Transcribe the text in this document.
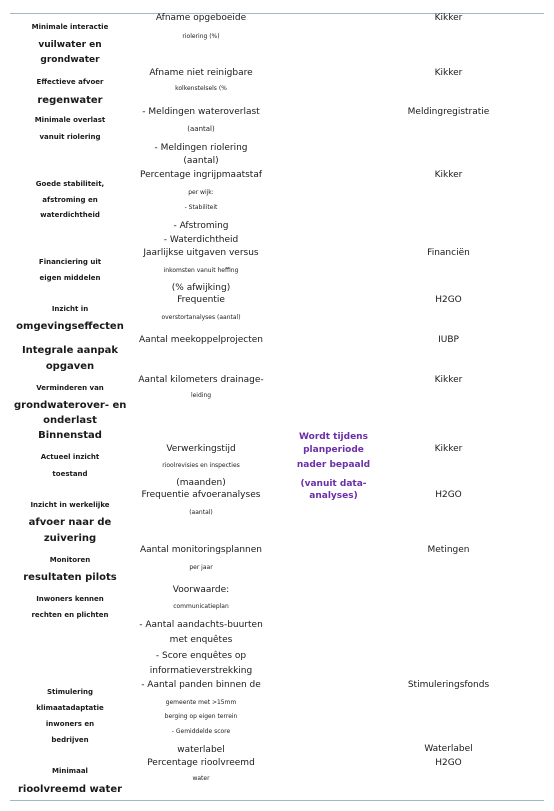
Minimale interactie
vuilwater en
grondwater
Afname opgeboeide
riolering (%)
Kikker
Effectieve afvoer
regenwater
Afname niet reinigbare
kolkenstelsels (%
Kikker
Minimale overlast
vanuit riolering
- Meldingen wateroverlast
(aantal)
- Meldingen riolering
(aantal)
Meldingregistratie
Goede stabiliteit,
afstroming en
waterdichtheid
Percentage ingrijpmaatstaf
per wijk:
- Stabiliteit
- Afstroming
- Waterdichtheid
Kikker
Financiering uit
eigen middelen
Jaarlijkse uitgaven versus
inkomsten vanuit heffing
(% afwijking)
Financiën
Inzicht in
omgevingseffecten
Frequentie
overstortanalyses (aantal)
H2GO
Integrale aanpak
opgaven
Aantal meekoppelprojecten	IUBP
Verminderen van
grondwaterover- en
onderlast
Binnenstad
Aantal kilometers drainage-
leiding
Kikker
Wordt tijdens
planperiode
nader bepaald
(vanuit data-
analyses)
Actueel inzicht
toestand
Verwerkingstijd
rioolrevisies en inspecties
(maanden)
Kikker
Inzicht in werkelijke
afvoer naar de
zuivering
Frequentie afvoeranalyses
(aantal)
H2GO
Monitoren
resultaten pilots
Aantal monitoringsplannen
per jaar
Metingen
Inwoners kennen
rechten en plichten
Voorwaarde:
communicatieplan
- Aantal aandachts-buurten
met enquêtes
- Score enquêtes op
informatieverstrekking
Stimulering
klimaatadaptatie
inwoners en
bedrijven
- Aantal panden binnen de
gemeente met >15mm
berging op eigen terrein
- Gemiddelde score
waterlabel
Stimuleringsfonds
Waterlabel
Minimaal
rioolvreemd water
Percentage rioolvreemd
water
H2GO
